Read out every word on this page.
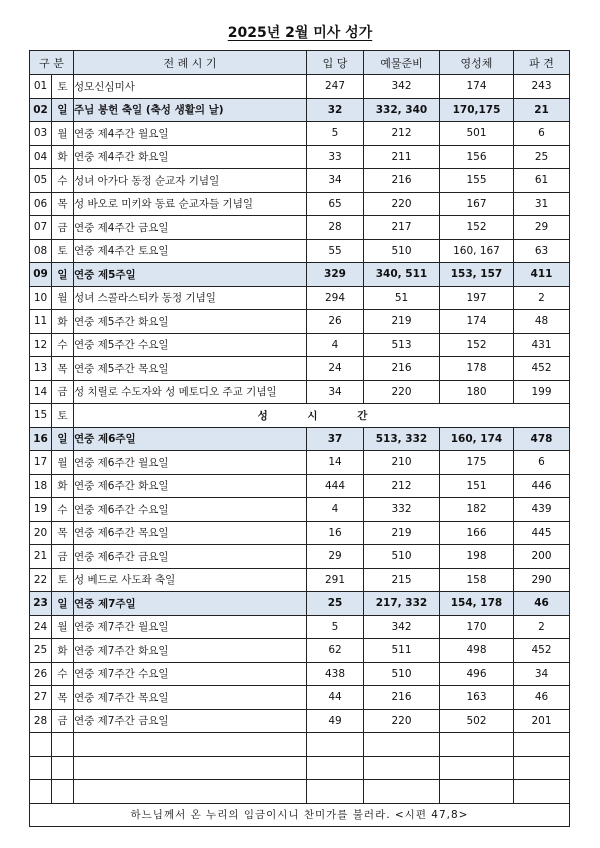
2025년 2월 미사 성가
구 분		전 례 시 기	입 당	예물준비	영성체	파 견
01	토	성모신심미사	247	342	174	243
02	일	주님 봉헌 축일 (축성 생활의 날)	32	332, 340	170,175	21
03	월	연중 제4주간 월요일	5	212	501	6
04	화	연중 제4주간 화요일	33	211	156	25
05	수	성녀 아가다 동정 순교자 기념일	34	216	155	61
06	목	성 바오로 미키와 동료 순교자들 기념일	65	220	167	31
07	금	연중 제4주간 금요일	28	217	152	29
08	토	연중 제4주간 토요일	55	510	160, 167	63
09	일	연중 제5주일	329	340, 511	153, 157	411
10	월	성녀 스콜라스티카 동정 기념일	294	51	197	2
11	화	연중 제5주간 화요일	26	219	174	48
12	수	연중 제5주간 수요일	4	513	152	431
13	목	연중 제5주간 목요일	24	216	178	452
14	금	성 치릴로 수도자와 성 메토디오 주교 기념일	34	220	180	199
15	토	성 시 간				
16	일	연중 제6주일	37	513, 332	160, 174	478
17	월	연중 제6주간 월요일	14	210	175	6
18	화	연중 제6주간 화요일	444	212	151	446
19	수	연중 제6주간 수요일	4	332	182	439
20	목	연중 제6주간 목요일	16	219	166	445
21	금	연중 제6주간 금요일	29	510	198	200
22	토	성 베드로 사도좌 축일	291	215	158	290
23	일	연중 제7주일	25	217, 332	154, 178	46
24	월	연중 제7주간 월요일	5	342	170	2
25	화	연중 제7주간 화요일	62	511	498	452
26	수	연중 제7주간 수요일	438	510	496	34
27	목	연중 제7주간 목요일	44	216	163	46
28	금	연중 제7주간 금요일	49	220	502	201

하느님께서 온 누리의 임금이시니 찬미가를 불러라. <시편 47,8>						
